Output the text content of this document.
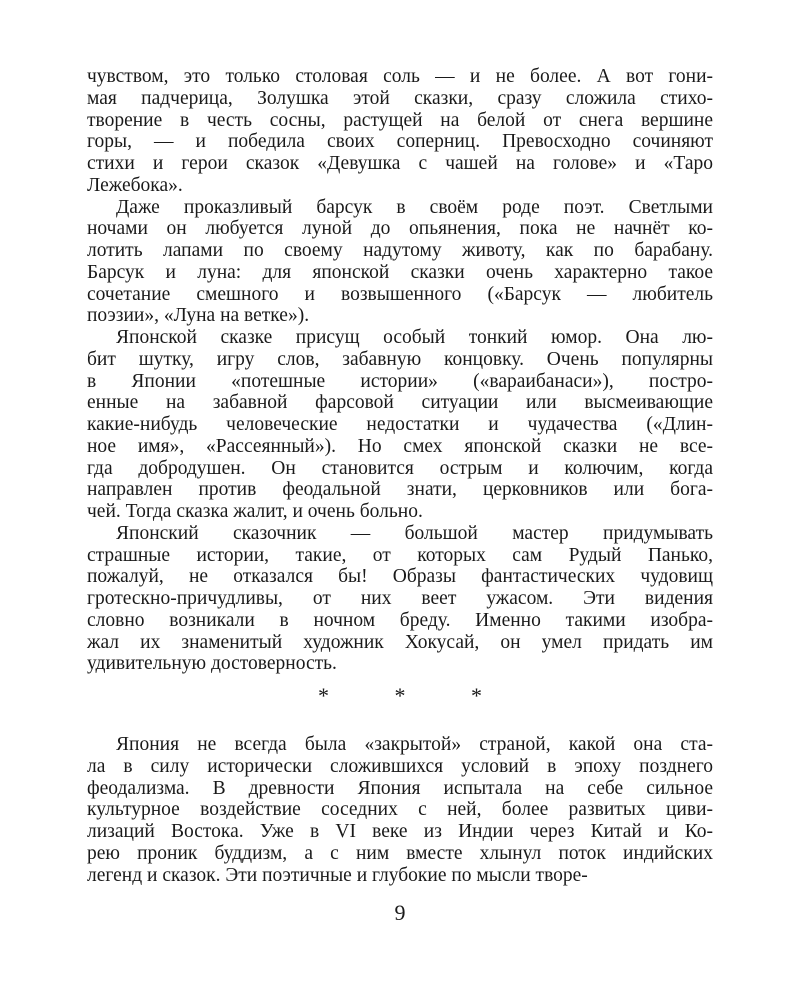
чувством, это только столовая соль — и не более. А вот гони-
мая падчерица, Золушка этой сказки, сразу сложила стихо-
творение в честь сосны, растущей на белой от снега вершине
горы, — и победила своих соперниц. Превосходно сочиняют
стихи и герои сказок «Девушка с чашей на голове» и «Таро
Лежебока».
Даже проказливый барсук в своём роде поэт. Светлыми
ночами он любуется луной до опьянения, пока не начнёт ко-
лотить лапами по своему надутому животу, как по барабану.
Барсук и луна: для японской сказки очень характерно такое
сочетание смешного и возвышенного («Барсук — любитель
поэзии», «Луна на ветке»).
Японской сказке присущ особый тонкий юмор. Она лю-
бит шутку, игру слов, забавную концовку. Очень популярны
в Японии «потешные истории» («вараибанаси»), постро-
енные на забавной фарсовой ситуации или высмеивающие
какие-нибудь человеческие недостатки и чудачества («Длин-
ное имя», «Рассеянный»). Но смех японской сказки не все-
гда добродушен. Он становится острым и колючим, когда
направлен против феодальной знати, церковников или бога-
чей. Тогда сказка жалит, и очень больно.
Японский сказочник — большой мастер придумывать
страшные истории, такие, от которых сам Рудый Панько,
пожалуй, не отказался бы! Образы фантастических чудовищ
гротескно-причудливы, от них веет ужасом. Эти видения
словно возникали в ночном бреду. Именно такими изобра-
жал их знаменитый художник Хокусай, он умел придать им
удивительную достоверность.
* * *
Япония не всегда была «закрытой» страной, какой она ста-
ла в силу исторически сложившихся условий в эпоху позднего
феодализма. В древности Япония испытала на себе сильное
культурное воздействие соседних с ней, более развитых циви-
лизаций Востока. Уже в VI веке из Индии через Китай и Ко-
рею проник буддизм, а с ним вместе хлынул поток индийских
легенд и сказок. Эти поэтичные и глубокие по мысли творе-
9
